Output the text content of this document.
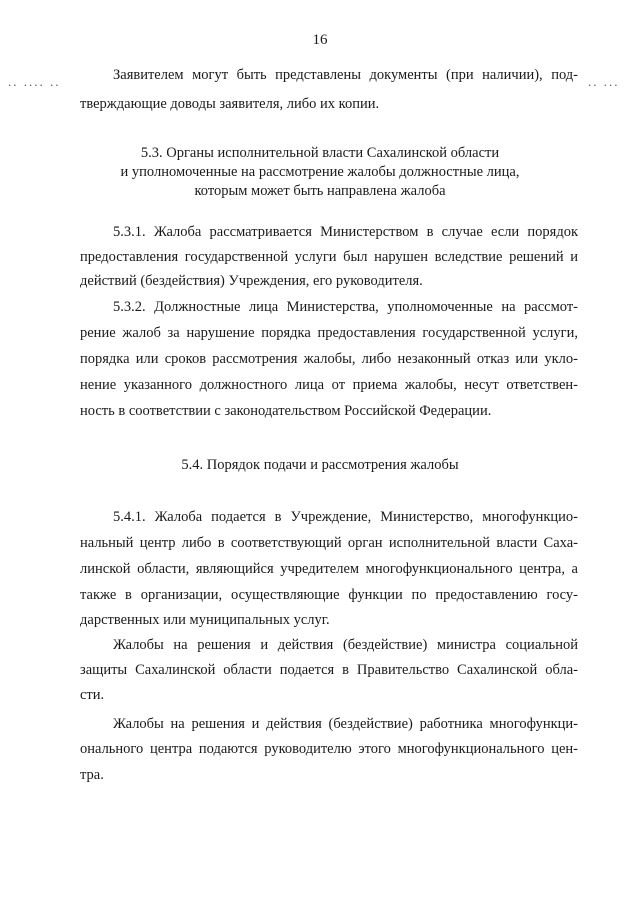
16
.. .... ..	.. ...
Заявителем могут быть представлены документы (при наличии), под-
тверждающие доводы заявителя, либо их копии.
5.3. Органы исполнительной власти Сахалинской области
и уполномоченные на рассмотрение жалобы должностные лица,
которым может быть направлена жалоба
5.3.1. Жалоба рассматривается Министерством в случае если порядок
предоставления государственной услуги был нарушен вследствие решений и
действий (бездействия) Учреждения, его руководителя.
5.3.2. Должностные лица Министерства, уполномоченные на рассмот-
рение жалоб за нарушение порядка предоставления государственной услуги,
порядка или сроков рассмотрения жалобы, либо незаконный отказ или укло-
нение указанного должностного лица от приема жалобы, несут ответствен-
ность в соответствии с законодательством Российской Федерации.
5.4. Порядок подачи и рассмотрения жалобы
5.4.1. Жалоба подается в Учреждение, Министерство, многофункцио-
нальный центр либо в соответствующий орган исполнительной власти Саха-
линской области, являющийся учредителем многофункционального центра, а
также в организации, осуществляющие функции по предоставлению госу-
дарственных или муниципальных услуг.
Жалобы на решения и действия (бездействие) министра социальной
защиты Сахалинской области подается в Правительство Сахалинской обла-
сти.
Жалобы на решения и действия (бездействие) работника многофункци-
онального центра подаются руководителю этого многофункционального цен-
тра.
